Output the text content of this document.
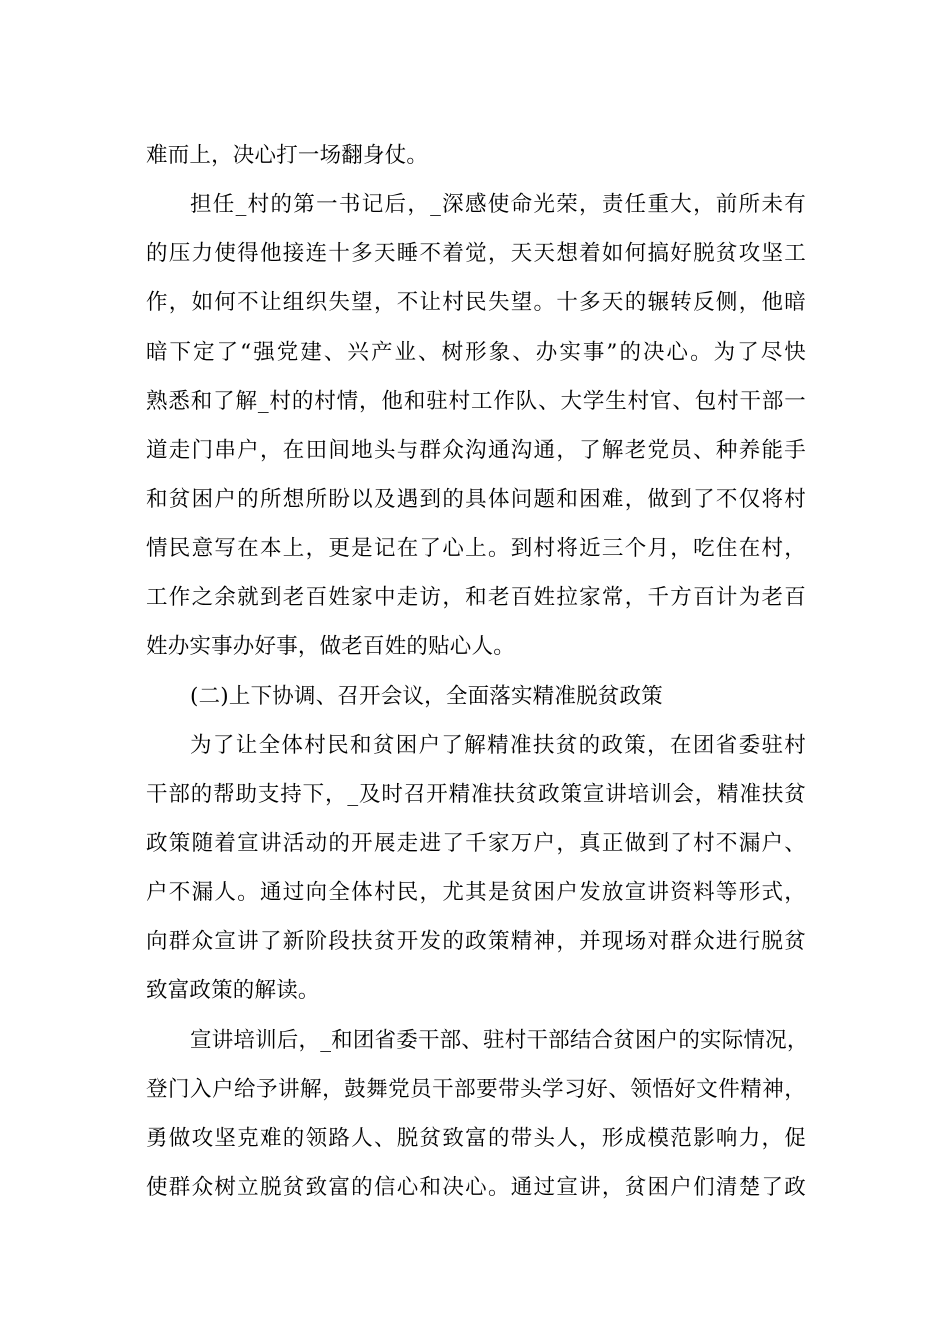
难而上，决心打一场翻身仗。
担任_村的第一书记后，_深感使命光荣，责任重大，前所未有
的压力使得他接连十多天睡不着觉，天天想着如何搞好脱贫攻坚工
作，如何不让组织失望，不让村民失望。十多天的辗转反侧，他暗
暗下定了“强党建、兴产业、树形象、办实事”的决心。为了尽快
熟悉和了解_村的村情，他和驻村工作队、大学生村官、包村干部一
道走门串户，在田间地头与群众沟通沟通，了解老党员、种养能手
和贫困户的所想所盼以及遇到的具体问题和困难，做到了不仅将村
情民意写在本上，更是记在了心上。到村将近三个月，吃住在村，
工作之余就到老百姓家中走访，和老百姓拉家常，千方百计为老百
姓办实事办好事，做老百姓的贴心人。
(二)上下协调、召开会议，全面落实精准脱贫政策
为了让全体村民和贫困户了解精准扶贫的政策，在团省委驻村
干部的帮助支持下，_及时召开精准扶贫政策宣讲培训会，精准扶贫
政策随着宣讲活动的开展走进了千家万户，真正做到了村不漏户、
户不漏人。通过向全体村民，尤其是贫困户发放宣讲资料等形式，
向群众宣讲了新阶段扶贫开发的政策精神，并现场对群众进行脱贫
致富政策的解读。
宣讲培训后，_和团省委干部、驻村干部结合贫困户的实际情况，
登门入户给予讲解，鼓舞党员干部要带头学习好、领悟好文件精神，
勇做攻坚克难的领路人、脱贫致富的带头人，形成模范影响力，促
使群众树立脱贫致富的信心和决心。通过宣讲，贫困户们清楚了政
